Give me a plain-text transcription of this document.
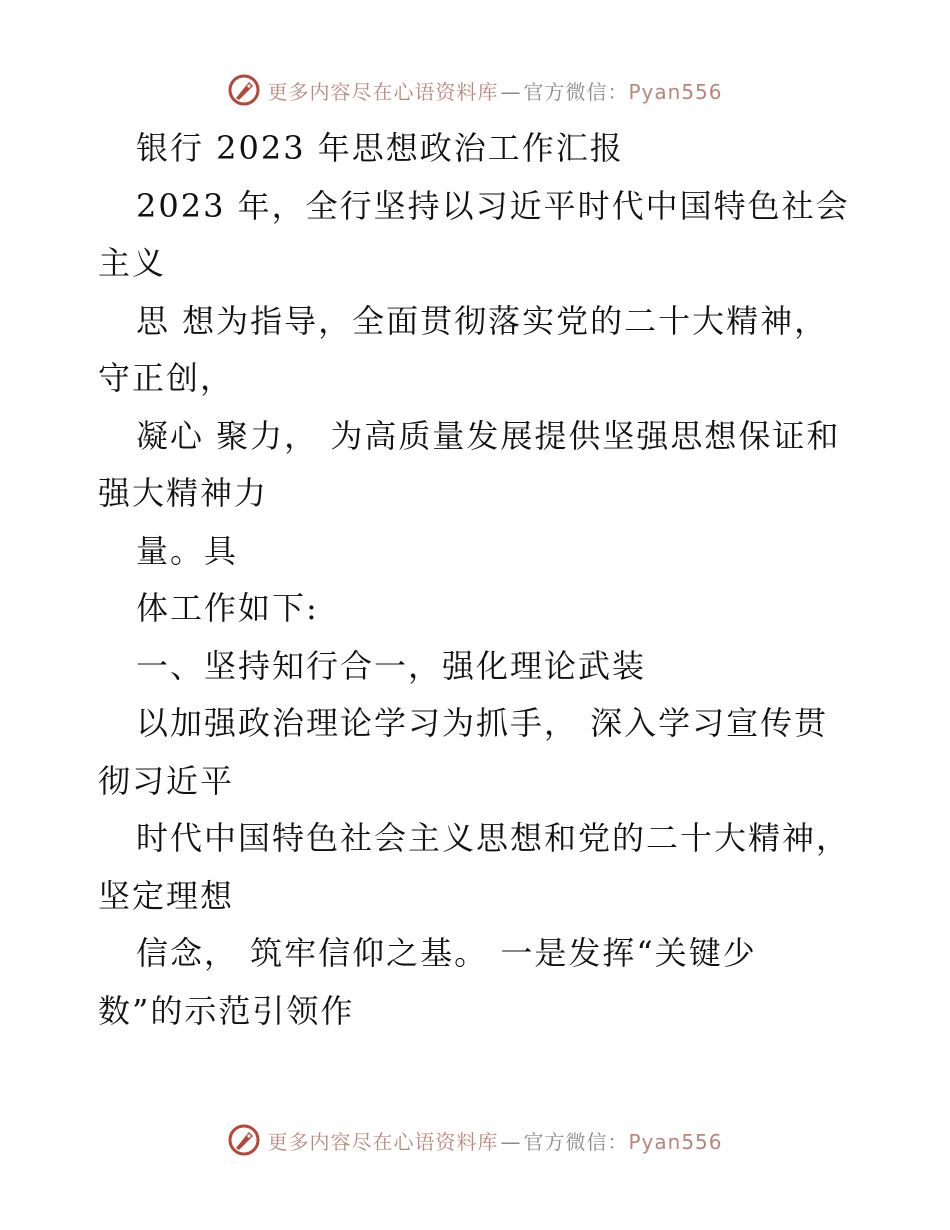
更多内容尽在心语资料库 — 官方微信：Pyan556
银行 2023 年思想政治工作汇报
2023 年，全行坚持以习近平时代中国特色社会
主义
思 想为指导，全面贯彻落实党的二十大精神，
守正创，
凝心 聚力， 为高质量发展提供坚强思想保证和
强大精神力
量。具
体工作如下:
一、坚持知行合一，强化理论武装
以加强政治理论学习为抓手， 深入学习宣传贯
彻习近平
时代中国特色社会主义思想和党的二十大精神，
坚定理想
信念， 筑牢信仰之基。 一是发挥“关键少
数”的示范引领作
更多内容尽在心语资料库 — 官方微信：Pyan556
